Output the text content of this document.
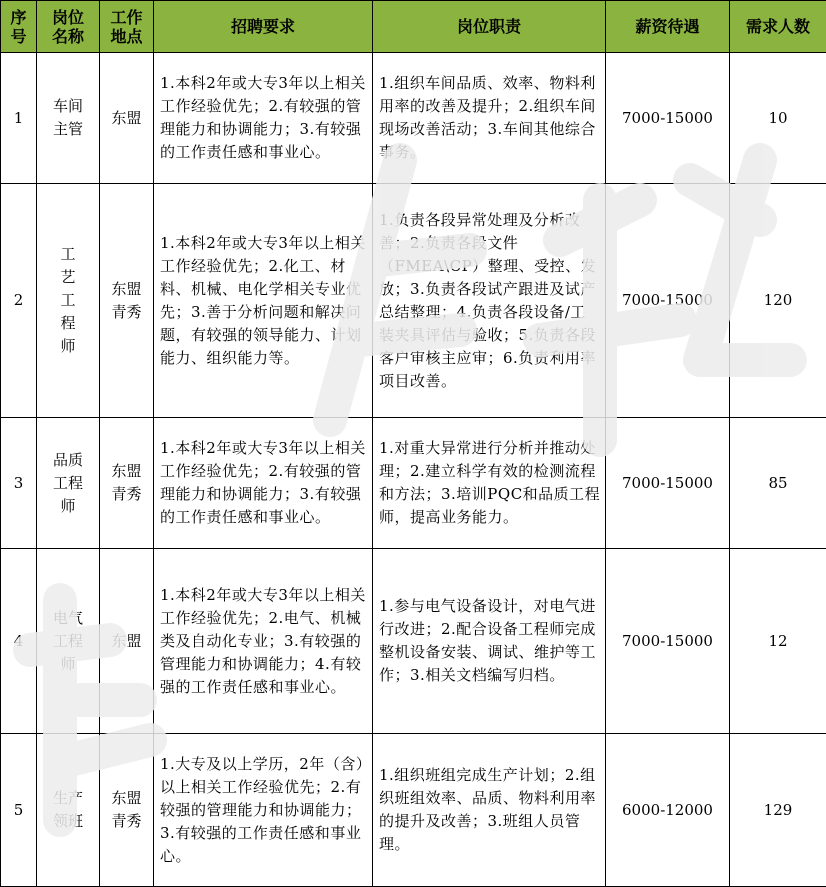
序号	岗位名称	工作地点	招聘要求	岗位职责	薪资待遇	需求人数
1	车间主管	东盟	1.本科2年或大专3年以上相关工作经验优先；2.有较强的管理能力和协调能力；3.有较强的工作责任感和事业心。	1.组织车间品质、效率、物料利用率的改善及提升；2.组织车间现场改善活动；3.车间其他综合事务。	7000-15000	10
2	工艺工程师	东盟青秀	1.本科2年或大专3年以上相关工作经验优先；2.化工、材料、机械、电化学相关专业优先；3.善于分析问题和解决问题，有较强的领导能力、计划能力、组织能力等。	1.负责各段异常处理及分析改善；2.负责各段文件（FMEA\CP）整理、受控、发放；3.负责各段试产跟进及试产总结整理；4.负责各段设备/工装夹具评估与验收；5.负责各段客户审核主应审；6.负责利用率项目改善。	7000-15000	120
3	品质工程师	东盟青秀	1.本科2年或大专3年以上相关工作经验优先；2.有较强的管理能力和协调能力；3.有较强的工作责任感和事业心。	1.对重大异常进行分析并推动处理；2.建立科学有效的检测流程和方法；3.培训PQC和品质工程师，提高业务能力。	7000-15000	85
4	电气工程师	东盟	1.本科2年或大专3年以上相关工作经验优先；2.电气、机械类及自动化专业；3.有较强的管理能力和协调能力；4.有较强的工作责任感和事业心。	1.参与电气设备设计，对电气进行改进；2.配合设备工程师完成整机设备安装、调试、维护等工作；3.相关文档编写归档。	7000-15000	12
5	生产领班	东盟青秀	1.大专及以上学历，2年（含）以上相关工作经验优先；2.有较强的管理能力和协调能力；3.有较强的工作责任感和事业心。	1.组织班组完成生产计划；2.组织班组效率、品质、物料利用率的提升及改善；3.班组人员管理。	6000-12000	129
